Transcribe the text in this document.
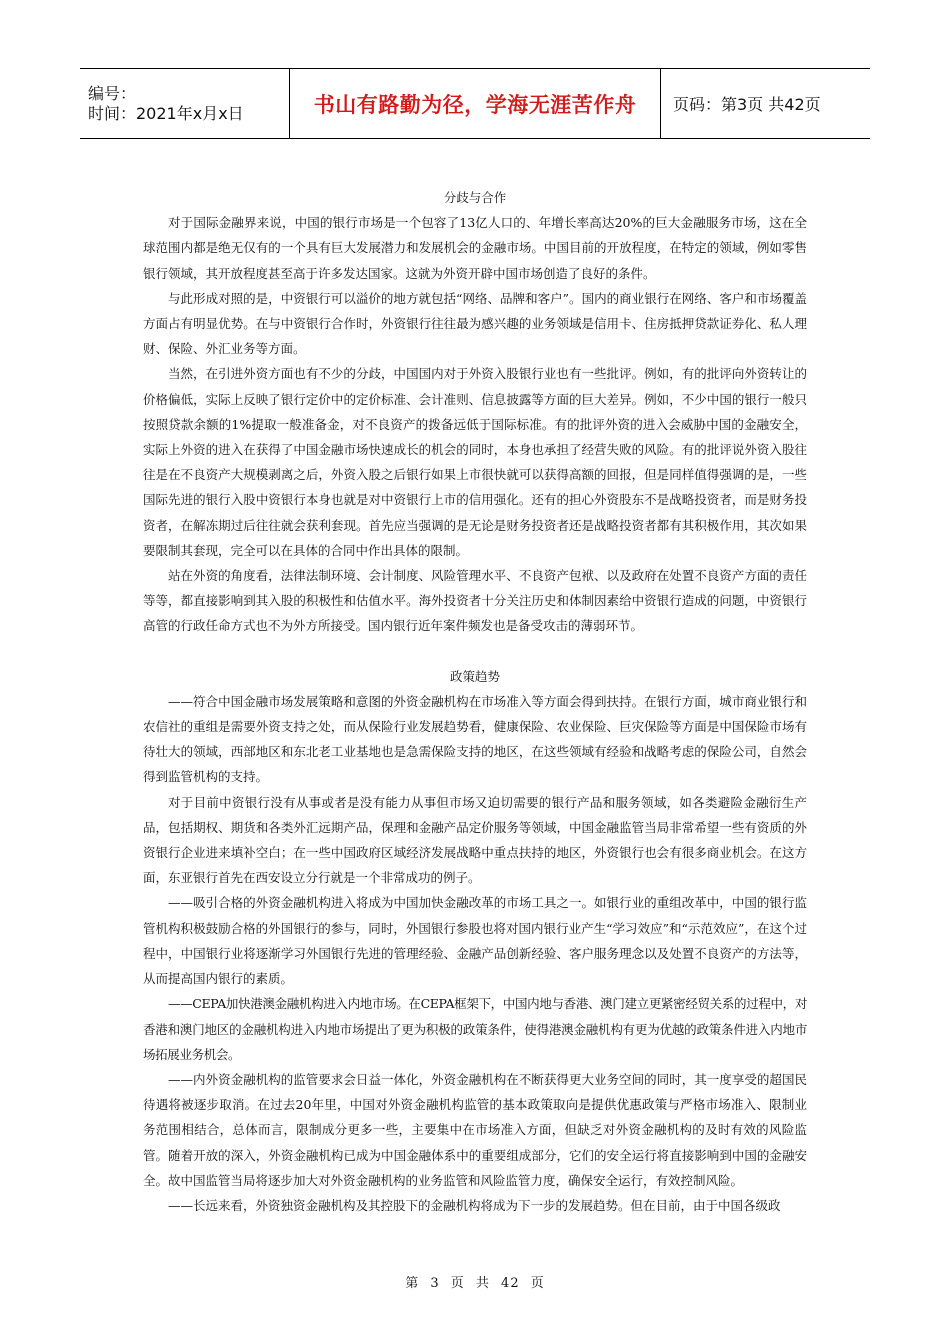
编号：
时间：2021年x月x日	书山有路勤为径，学海无涯苦作舟 页码：第3页 共42页

分歧与合作

对于国际金融界来说，中国的银行市场是一个包容了13亿人口的、年增长率高达20%的巨大金融服务市场，这在全球范围内都是绝无仅有的一个具有巨大发展潜力和发展机会的金融市场。中国目前的开放程度，在特定的领域，例如零售银行领域，其开放程度甚至高于许多发达国家。这就为外资开辟中国市场创造了良好的条件。

与此形成对照的是，中资银行可以溢价的地方就包括“网络、品牌和客户”。国内的商业银行在网络、客户和市场覆盖方面占有明显优势。在与中资银行合作时，外资银行往往最为感兴趣的业务领域是信用卡、住房抵押贷款证券化、私人理财、保险、外汇业务等方面。

当然，在引进外资方面也有不少的分歧，中国国内对于外资入股银行业也有一些批评。例如，有的批评向外资转让的价格偏低，实际上反映了银行定价中的定价标准、会计准则、信息披露等方面的巨大差异。例如，不少中国的银行一般只按照贷款余额的1%提取一般准备金，对不良资产的拨备远低于国际标准。有的批评外资的进入会威胁中国的金融安全，实际上外资的进入在获得了中国金融市场快速成长的机会的同时，本身也承担了经营失败的风险。有的批评说外资入股往往是在不良资产大规模剥离之后，外资入股之后银行如果上市很快就可以获得高额的回报，但是同样值得强调的是，一些国际先进的银行入股中资银行本身也就是对中资银行上市的信用强化。还有的担心外资股东不是战略投资者，而是财务投资者，在解冻期过后往往就会获利套现。首先应当强调的是无论是财务投资者还是战略投资者都有其积极作用，其次如果要限制其套现，完全可以在具体的合同中作出具体的限制。

站在外资的角度看，法律法制环境、会计制度、风险管理水平、不良资产包袱、以及政府在处置不良资产方面的责任等等，都直接影响到其入股的积极性和估值水平。海外投资者十分关注历史和体制因素给中资银行造成的问题，中资银行高管的行政任命方式也不为外方所接受。国内银行近年案件频发也是备受攻击的薄弱环节。

政策趋势

——符合中国金融市场发展策略和意图的外资金融机构在市场准入等方面会得到扶持。在银行方面，城市商业银行和农信社的重组是需要外资支持之处，而从保险行业发展趋势看，健康保险、农业保险、巨灾保险等方面是中国保险市场有待壮大的领域，西部地区和东北老工业基地也是急需保险支持的地区，在这些领域有经验和战略考虑的保险公司，自然会得到监管机构的支持。

对于目前中资银行没有从事或者是没有能力从事但市场又迫切需要的银行产品和服务领域，如各类避险金融衍生产品，包括期权、期货和各类外汇远期产品，保理和金融产品定价服务等领域，中国金融监管当局非常希望一些有资质的外资银行企业进来填补空白；在一些中国政府区域经济发展战略中重点扶持的地区，外资银行也会有很多商业机会。在这方面，东亚银行首先在西安设立分行就是一个非常成功的例子。

——吸引合格的外资金融机构进入将成为中国加快金融改革的市场工具之一。如银行业的重组改革中，中国的银行监管机构积极鼓励合格的外国银行的参与，同时，外国银行参股也将对国内银行业产生“学习效应”和“示范效应”，在这个过程中，中国银行业将逐渐学习外国银行先进的管理经验、金融产品创新经验、客户服务理念以及处置不良资产的方法等，从而提高国内银行的素质。

——CEPA加快港澳金融机构进入内地市场。在CEPA框架下，中国内地与香港、澳门建立更紧密经贸关系的过程中，对香港和澳门地区的金融机构进入内地市场提出了更为积极的政策条件，使得港澳金融机构有更为优越的政策条件进入内地市场拓展业务机会。

——内外资金融机构的监管要求会日益一体化，外资金融机构在不断获得更大业务空间的同时，其一度享受的超国民待遇将被逐步取消。在过去20年里，中国对外资金融机构监管的基本政策取向是提供优惠政策与严格市场准入、限制业务范围相结合，总体而言，限制成分更多一些，主要集中在市场准入方面，但缺乏对外资金融机构的及时有效的风险监管。随着开放的深入，外资金融机构已成为中国金融体系中的重要组成部分，它们的安全运行将直接影响到中国的金融安全。故中国监管当局将逐步加大对外资金融机构的业务监管和风险监管力度，确保安全运行，有效控制风险。

——长远来看，外资独资金融机构及其控股下的金融机构将成为下一步的发展趋势。但在目前，由于中国各级政

第 3 页 共 42 页
